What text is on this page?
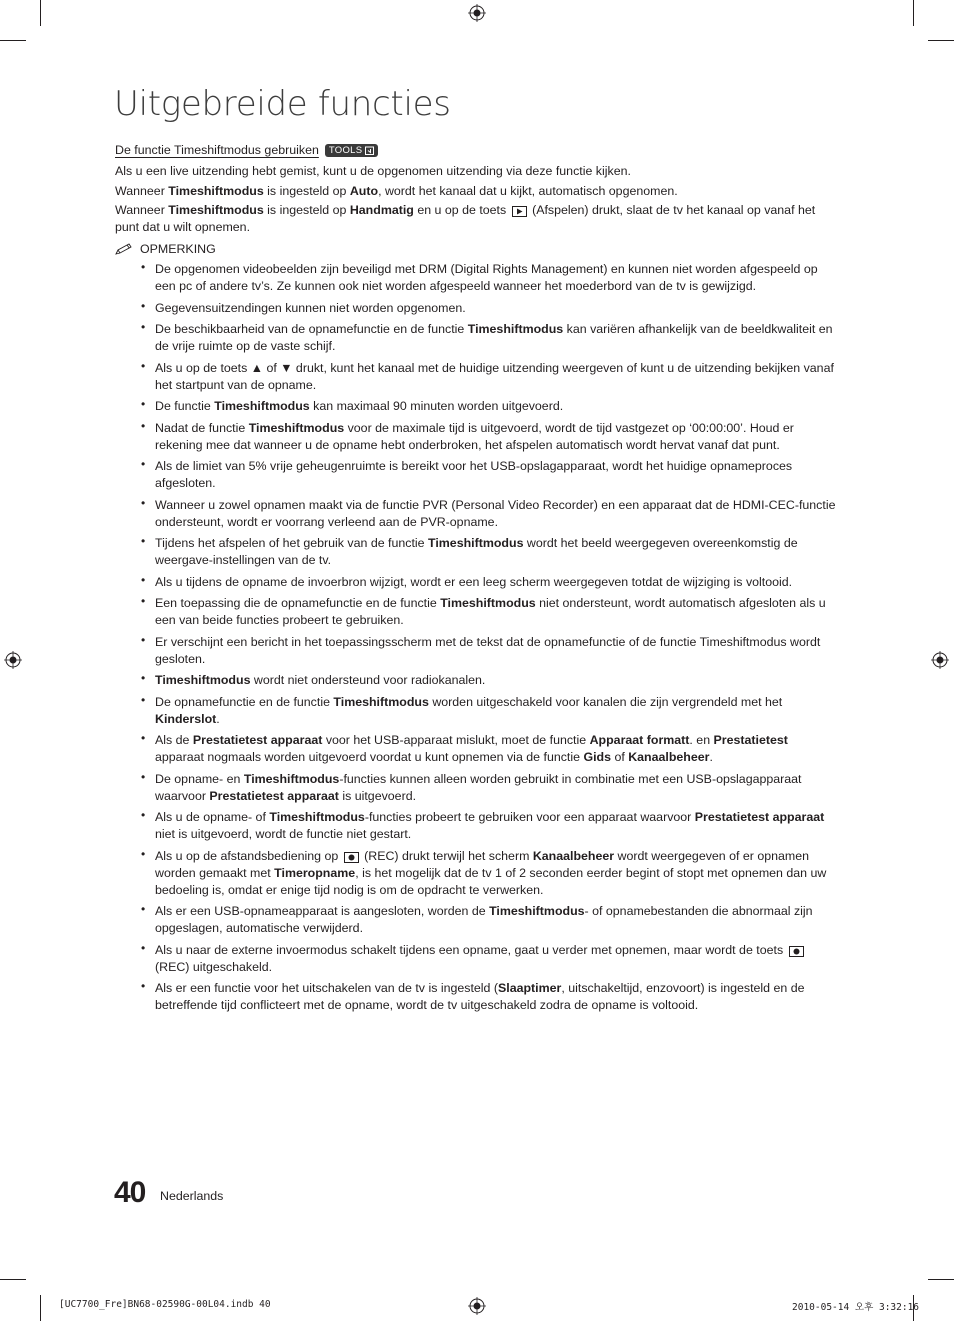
Uitgebreide functies
De functie Timeshiftmodus gebruiken TOOLS

Als u een live uitzending hebt gemist, kunt u de opgenomen uitzending via deze functie kijken.

Wanneer Timeshiftmodus is ingesteld op Auto, wordt het kanaal dat u kijkt, automatisch opgenomen.

Wanneer Timeshiftmodus is ingesteld op Handmatig en u op de toets
(Afspelen) drukt, slaat de tv het kanaal op vanaf het punt dat u wilt opnemen.

OPMERKING
• De opgenomen videobeelden zijn beveiligd met DRM (Digital Rights Management) en kunnen niet worden afgespeeld op een pc of andere tv’s. Ze kunnen ook niet worden afgespeeld wanneer het moederbord van de tv is gewijzigd.
• Gegevensuitzendingen kunnen niet worden opgenomen.
• De beschikbaarheid van de opnamefunctie en de functie Timeshiftmodus kan variëren afhankelijk van de beeldkwaliteit en de vrije ruimte op de vaste schijf.
• Als u op de toets ▲ of ▼ drukt, kunt het kanaal met de huidige uitzending weergeven of kunt u de uitzending bekijken vanaf het startpunt van de opname.
• De functie Timeshiftmodus kan maximaal 90 minuten worden uitgevoerd.
• Nadat de functie Timeshiftmodus voor de maximale tijd is uitgevoerd, wordt de tijd vastgezet op ‘00:00:00’. Houd er rekening mee dat wanneer u de opname hebt onderbroken, het afspelen automatisch wordt hervat vanaf dat punt.
• Als de limiet van 5% vrije geheugenruimte is bereikt voor het USB-opslagapparaat, wordt het huidige opnameproces afgesloten.
• Wanneer u zowel opnamen maakt via de functie PVR (Personal Video Recorder) en een apparaat dat de HDMI-CEC-functie ondersteunt, wordt er voorrang verleend aan de PVR-opname.
• Tijdens het afspelen of het gebruik van de functie Timeshiftmodus wordt het beeld weergegeven overeenkomstig de weergave-instellingen van de tv.
• Als u tijdens de opname de invoerbron wijzigt, wordt er een leeg scherm weergegeven totdat de wijziging is voltooid.
• Een toepassing die de opnamefunctie en de functie Timeshiftmodus niet ondersteunt, wordt automatisch afgesloten als u een van beide functies probeert te gebruiken.
• Er verschijnt een bericht in het toepassingsscherm met de tekst dat de opnamefunctie of de functie Timeshiftmodus wordt gesloten.
• Timeshiftmodus wordt niet ondersteund voor radiokanalen.
• De opnamefunctie en de functie Timeshiftmodus worden uitgeschakeld voor kanalen die zijn vergrendeld met het Kinderslot.
• Als de Prestatietest apparaat voor het USB-apparaat mislukt, moet de functie Apparaat formatt. en Prestatietest apparaat nogmaals worden uitgevoerd voordat u kunt opnemen via de functie Gids of Kanaalbeheer.
• De opname- en Timeshiftmodus-functies kunnen alleen worden gebruikt in combinatie met een USB-opslagapparaat waarvoor Prestatietest apparaat is uitgevoerd.
• Als u de opname- of Timeshiftmodus-functies probeert te gebruiken voor een apparaat waarvoor Prestatietest apparaat niet is uitgevoerd, wordt de functie niet gestart.
• Als u op de afstandsbediening op
(REC) drukt terwijl het scherm Kanaalbeheer wordt weergegeven of er opnamen worden gemaakt met Timeropname, is het mogelijk dat de tv 1 of 2 seconden eerder begint of stopt met opnemen dan uw bedoeling is, omdat er enige tijd nodig is om de opdracht te verwerken.
• Als er een USB-opnameapparaat is aangesloten, worden de Timeshiftmodus- of opnamebestanden die abnormaal zijn opgeslagen, automatische verwijderd.
• Als u naar de externe invoermodus schakelt tijdens een opname, gaat u verder met opnemen, maar wordt de toets
(REC) uitgeschakeld.
• Als er een functie voor het uitschakelen van de tv is ingesteld (Slaaptimer, uitschakeltijd, enzovoort) is ingesteld en de betreffende tijd conflicteert met de opname, wordt de tv uitgeschakeld zodra de opname is voltooid.
40 Nederlands
[UC7700_Fre]BN68-02590G-00L04.indb 40	2010-05-14 오후 3:32:16
